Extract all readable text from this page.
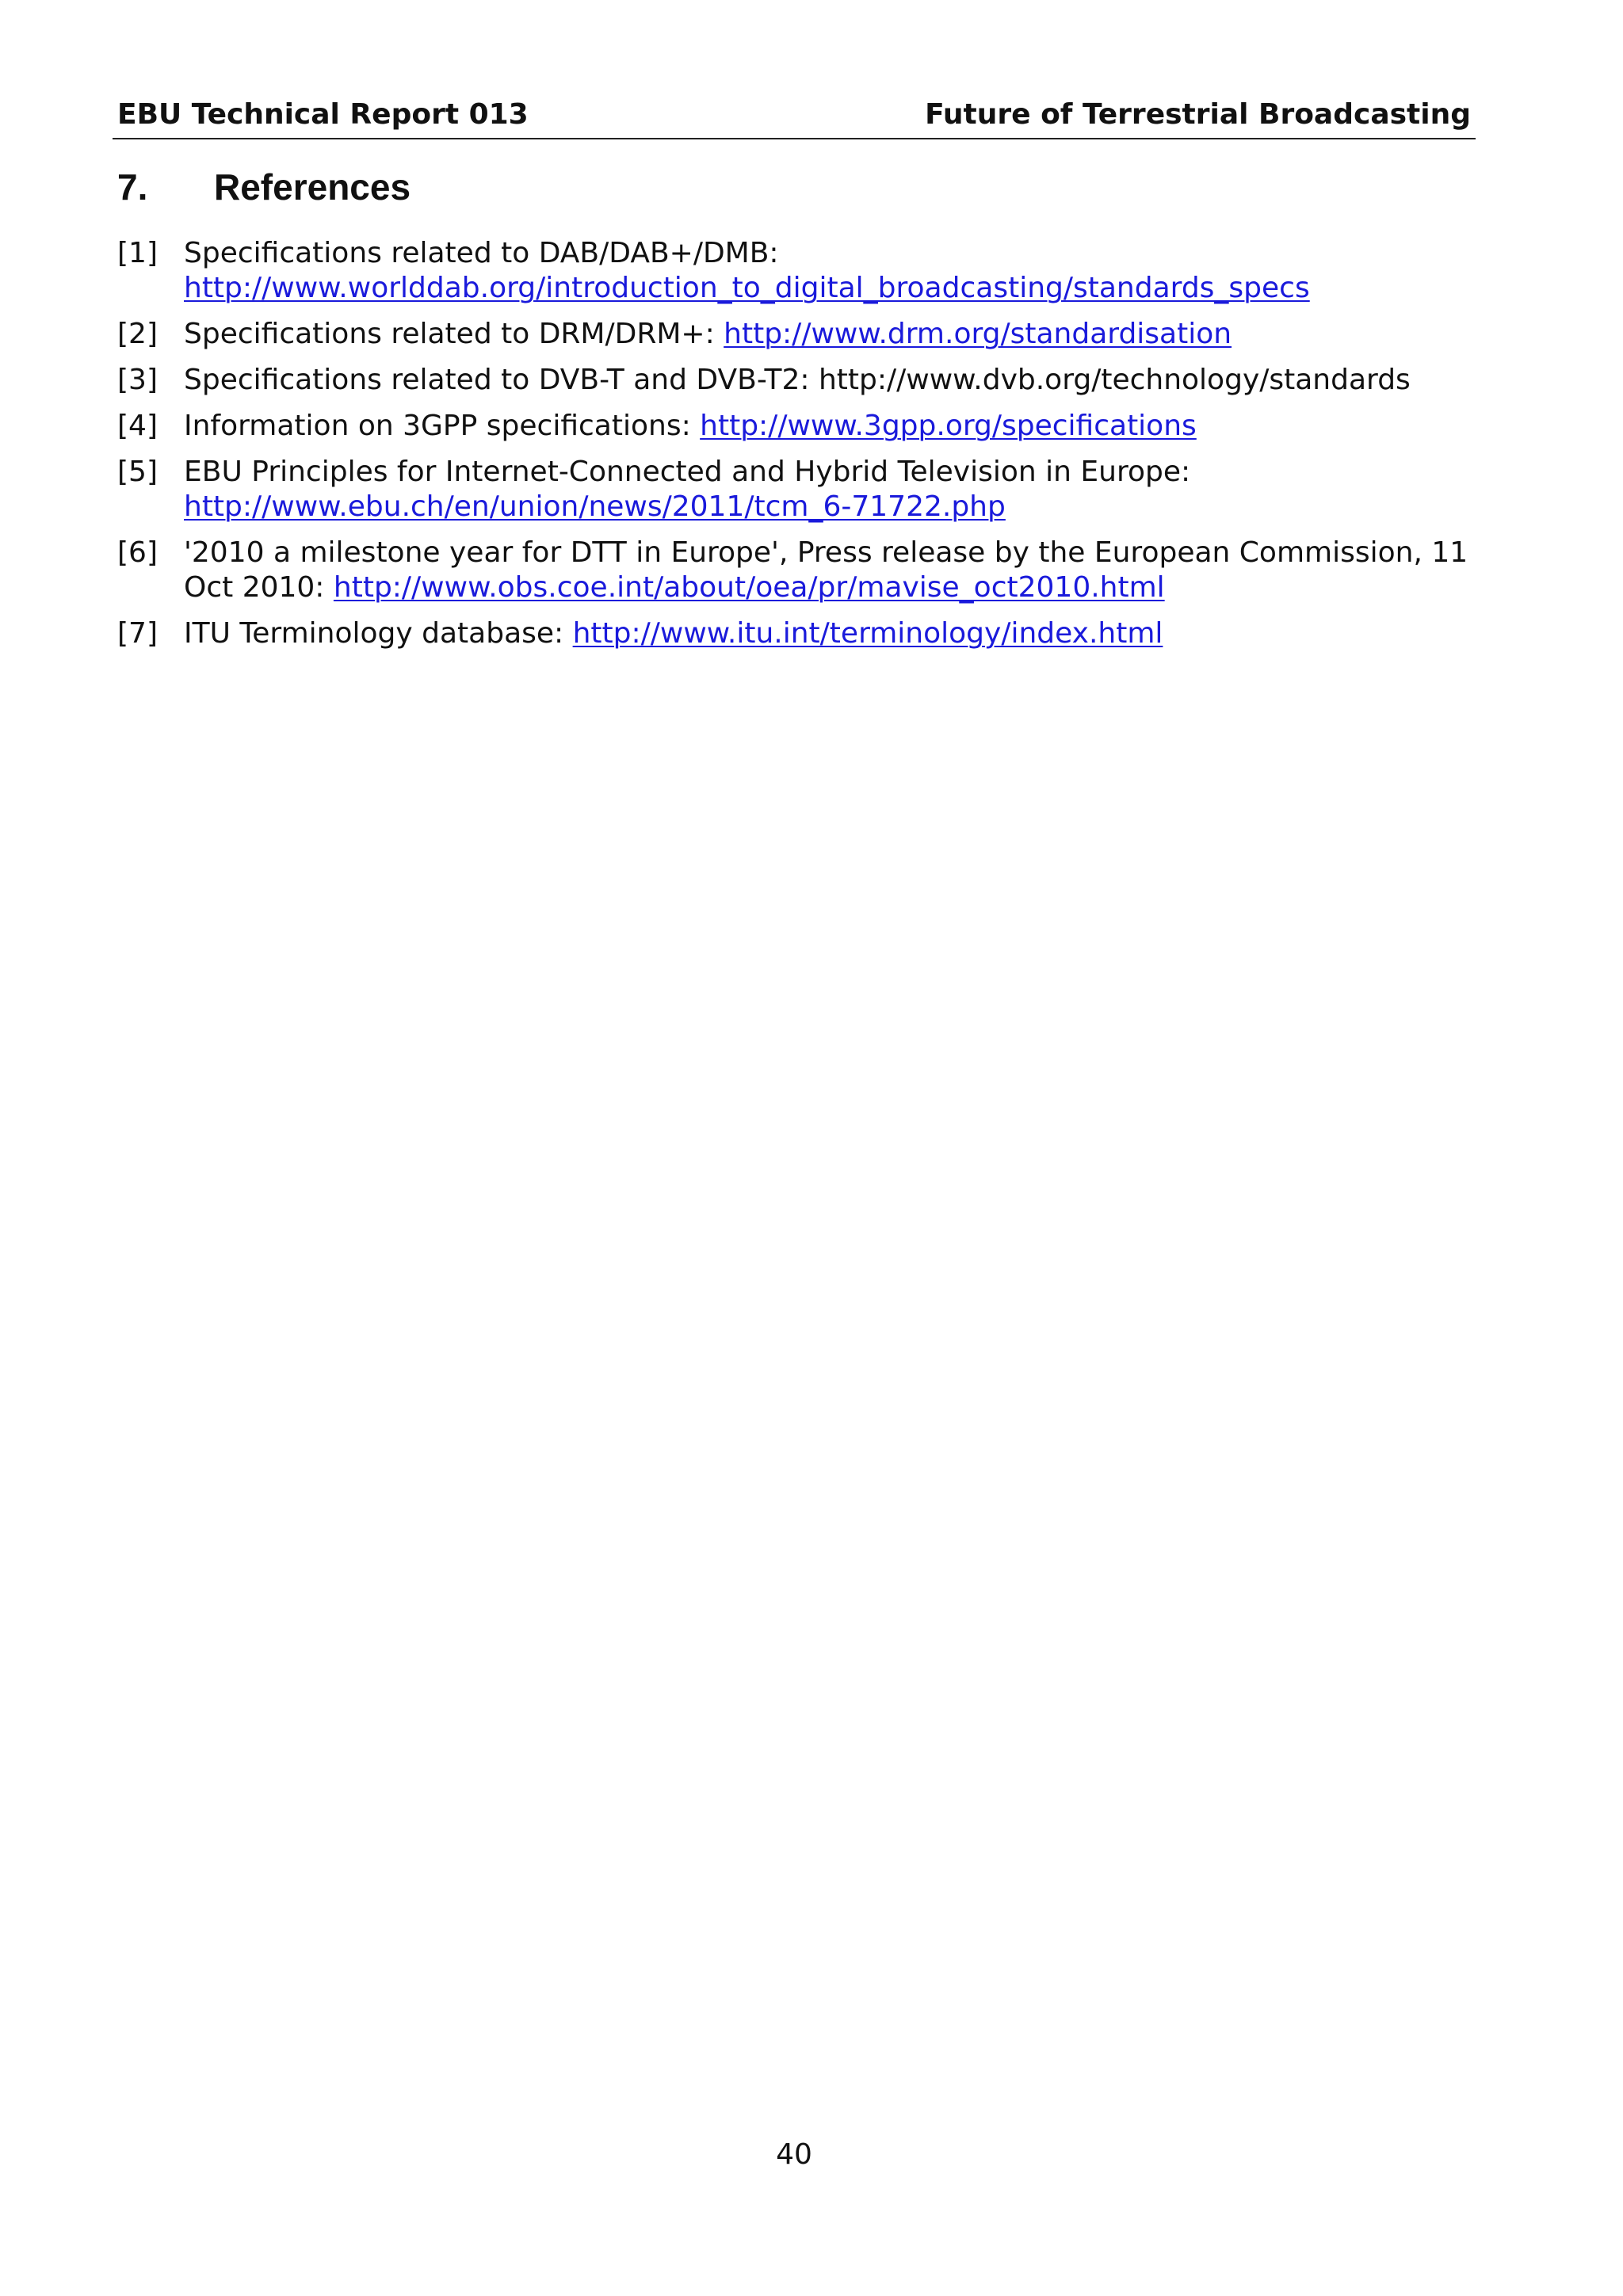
EBU Technical Report 013	Future of Terrestrial Broadcasting
7. References
[1] Specifications related to DAB/DAB+/DMB:
http://www.worlddab.org/introduction_to_digital_broadcasting/standards_specs
[2] Specifications related to DRM/DRM+: http://www.drm.org/standardisation
[3] Specifications related to DVB-T and DVB-T2: http://www.dvb.org/technology/standards
[4] Information on 3GPP specifications: http://www.3gpp.org/specifications
[5] EBU Principles for Internet-Connected and Hybrid Television in Europe:
http://www.ebu.ch/en/union/news/2011/tcm_6-71722.php
[6] '2010 a milestone year for DTT in Europe', Press release by the European Commission, 11 Oct 2010: http://www.obs.coe.int/about/oea/pr/mavise_oct2010.html
[7] ITU Terminology database: http://www.itu.int/terminology/index.html
40
